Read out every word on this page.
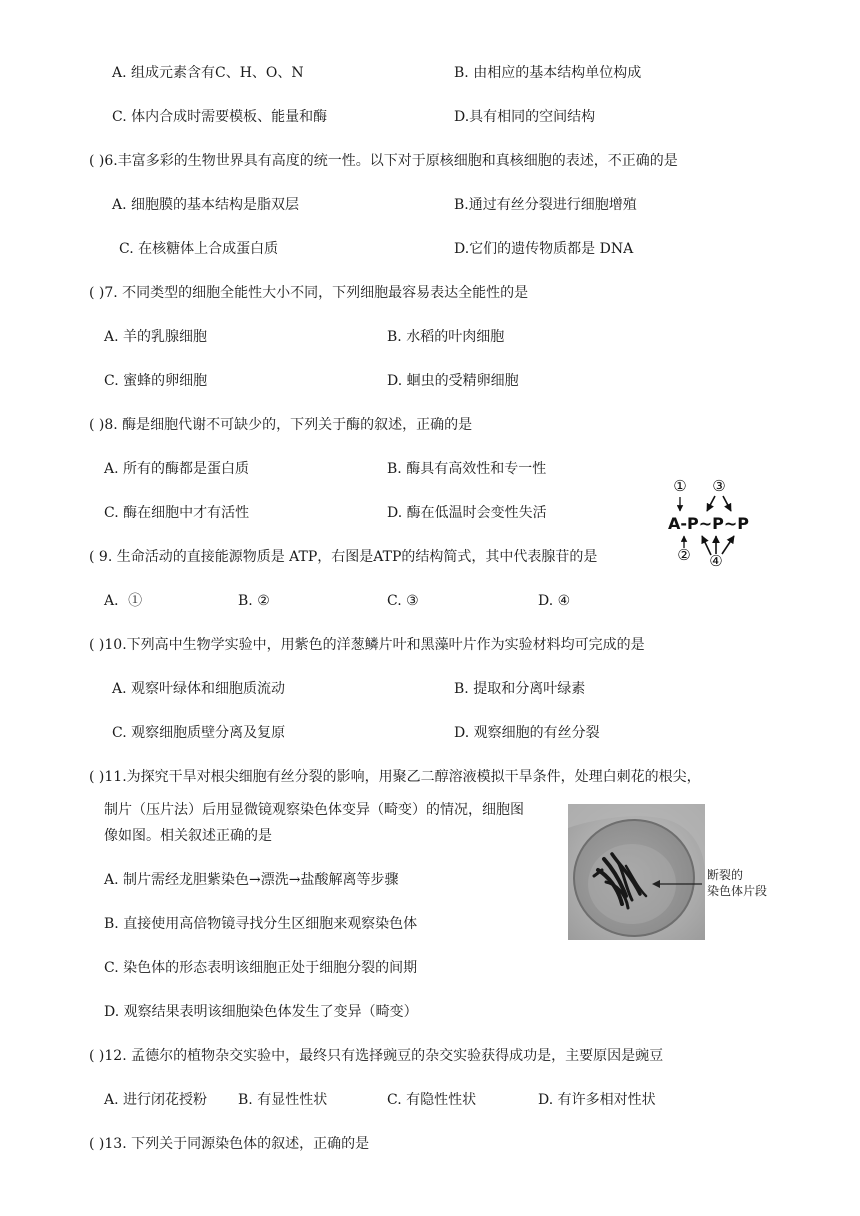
A. 组成元素含有C、H、O、N	B. 由相应的基本结构单位构成
C. 体内合成时需要模板、能量和酶	D.具有相同的空间结构
( )6.丰富多彩的生物世界具有高度的统一性。以下对于原核细胞和真核细胞的表述，不正确的是
A. 细胞膜的基本结构是脂双层	B.通过有丝分裂进行细胞增殖
C. 在核糖体上合成蛋白质	D.它们的遗传物质都是 DNA
( )7. 不同类型的细胞全能性大小不同，下列细胞最容易表达全能性的是
A. 羊的乳腺细胞	B. 水稻的叶肉细胞
C. 蜜蜂的卵细胞	D. 蛔虫的受精卵细胞
( )8. 酶是细胞代谢不可缺少的，下列关于酶的叙述，正确的是
A. 所有的酶都是蛋白质	B. 酶具有高效性和专一性
C. 酶在细胞中才有活性	D. 酶在低温时会变性失活
① ③
A-P~P~P
② ④
( 9. 生命活动的直接能源物质是 ATP，右图是ATP的结构简式，其中代表腺苷的是
A．①	B. ②	C. ③	D. ④
( )10.下列高中生物学实验中，用紫色的洋葱鳞片叶和黑藻叶片作为实验材料均可完成的是
A. 观察叶绿体和细胞质流动	B. 提取和分离叶绿素
C. 观察细胞质壁分离及复原	D. 观察细胞的有丝分裂
( )11.为探究干旱对根尖细胞有丝分裂的影响，用聚乙二醇溶液模拟干旱条件，处理白刺花的根尖，
制片（压片法）后用显微镜观察染色体变异（畸变）的情况，细胞图
像如图。相关叙述正确的是
A. 制片需经龙胆紫染色→漂洗→盐酸解离等步骤
B. 直接使用高倍物镜寻找分生区细胞来观察染色体
C. 染色体的形态表明该细胞正处于细胞分裂的间期
D. 观察结果表明该细胞染色体发生了变异（畸变）
断裂的
染色体片段
( )12. 孟德尔的植物杂交实验中，最终只有选择豌豆的杂交实验获得成功是，主要原因是豌豆
A. 进行闭花授粉 B. 有显性性状	C. 有隐性性状	D. 有许多相对性状
( )13. 下列关于同源染色体的叙述，正确的是
